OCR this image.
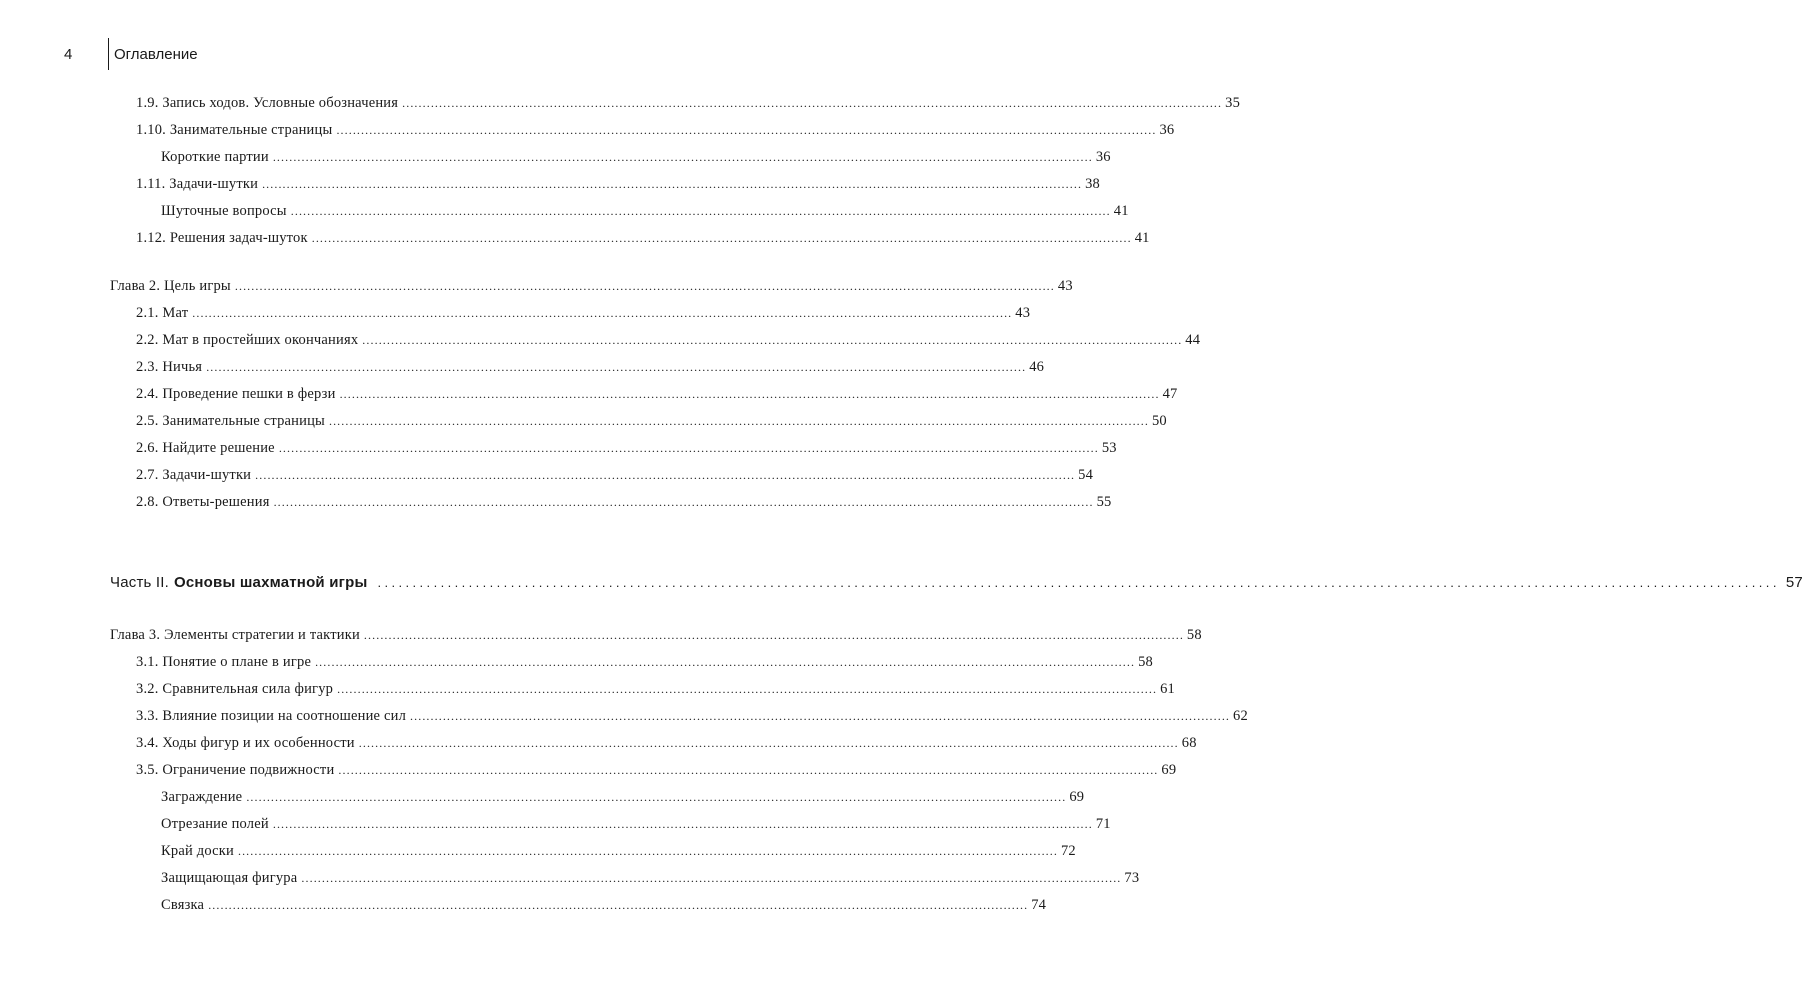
4	Оглавление
1.9. Запись ходов. Условные обозначения ........................................................................................................................................................................................................ 35
1.10. Занимательные страницы ........................................................................................................................................................................................................ 36
Короткие партии ........................................................................................................................................................................................................ 36
1.11. Задачи-шутки ........................................................................................................................................................................................................ 38
Шуточные вопросы ........................................................................................................................................................................................................ 41
1.12. Решения задач-шуток ........................................................................................................................................................................................................ 41
Глава 2. Цель игры ........................................................................................................................................................................................................ 43
2.1. Мат ........................................................................................................................................................................................................ 43
2.2. Мат в простейших окончаниях ........................................................................................................................................................................................................ 44
2.3. Ничья ........................................................................................................................................................................................................ 46
2.4. Проведение пешки в ферзи ........................................................................................................................................................................................................ 47
2.5. Занимательные страницы ........................................................................................................................................................................................................ 50
2.6. Найдите решение ........................................................................................................................................................................................................ 53
2.7. Задачи-шутки ........................................................................................................................................................................................................ 54
2.8. Ответы-решения ........................................................................................................................................................................................................ 55
Часть II. Основы шахматной игры ........................................................................................................................................................................................................ 57
Глава 3. Элементы стратегии и тактики ........................................................................................................................................................................................................ 58
3.1. Понятие о плане в игре ........................................................................................................................................................................................................ 58
3.2. Сравнительная сила фигур ........................................................................................................................................................................................................ 61
3.3. Влияние позиции на соотношение сил ........................................................................................................................................................................................................ 62
3.4. Ходы фигур и их особенности ........................................................................................................................................................................................................ 68
3.5. Ограничение подвижности ........................................................................................................................................................................................................ 69
Заграждение ........................................................................................................................................................................................................ 69
Отрезание полей ........................................................................................................................................................................................................ 71
Край доски ........................................................................................................................................................................................................ 72
Защищающая фигура ........................................................................................................................................................................................................ 73
Связка ........................................................................................................................................................................................................ 74
